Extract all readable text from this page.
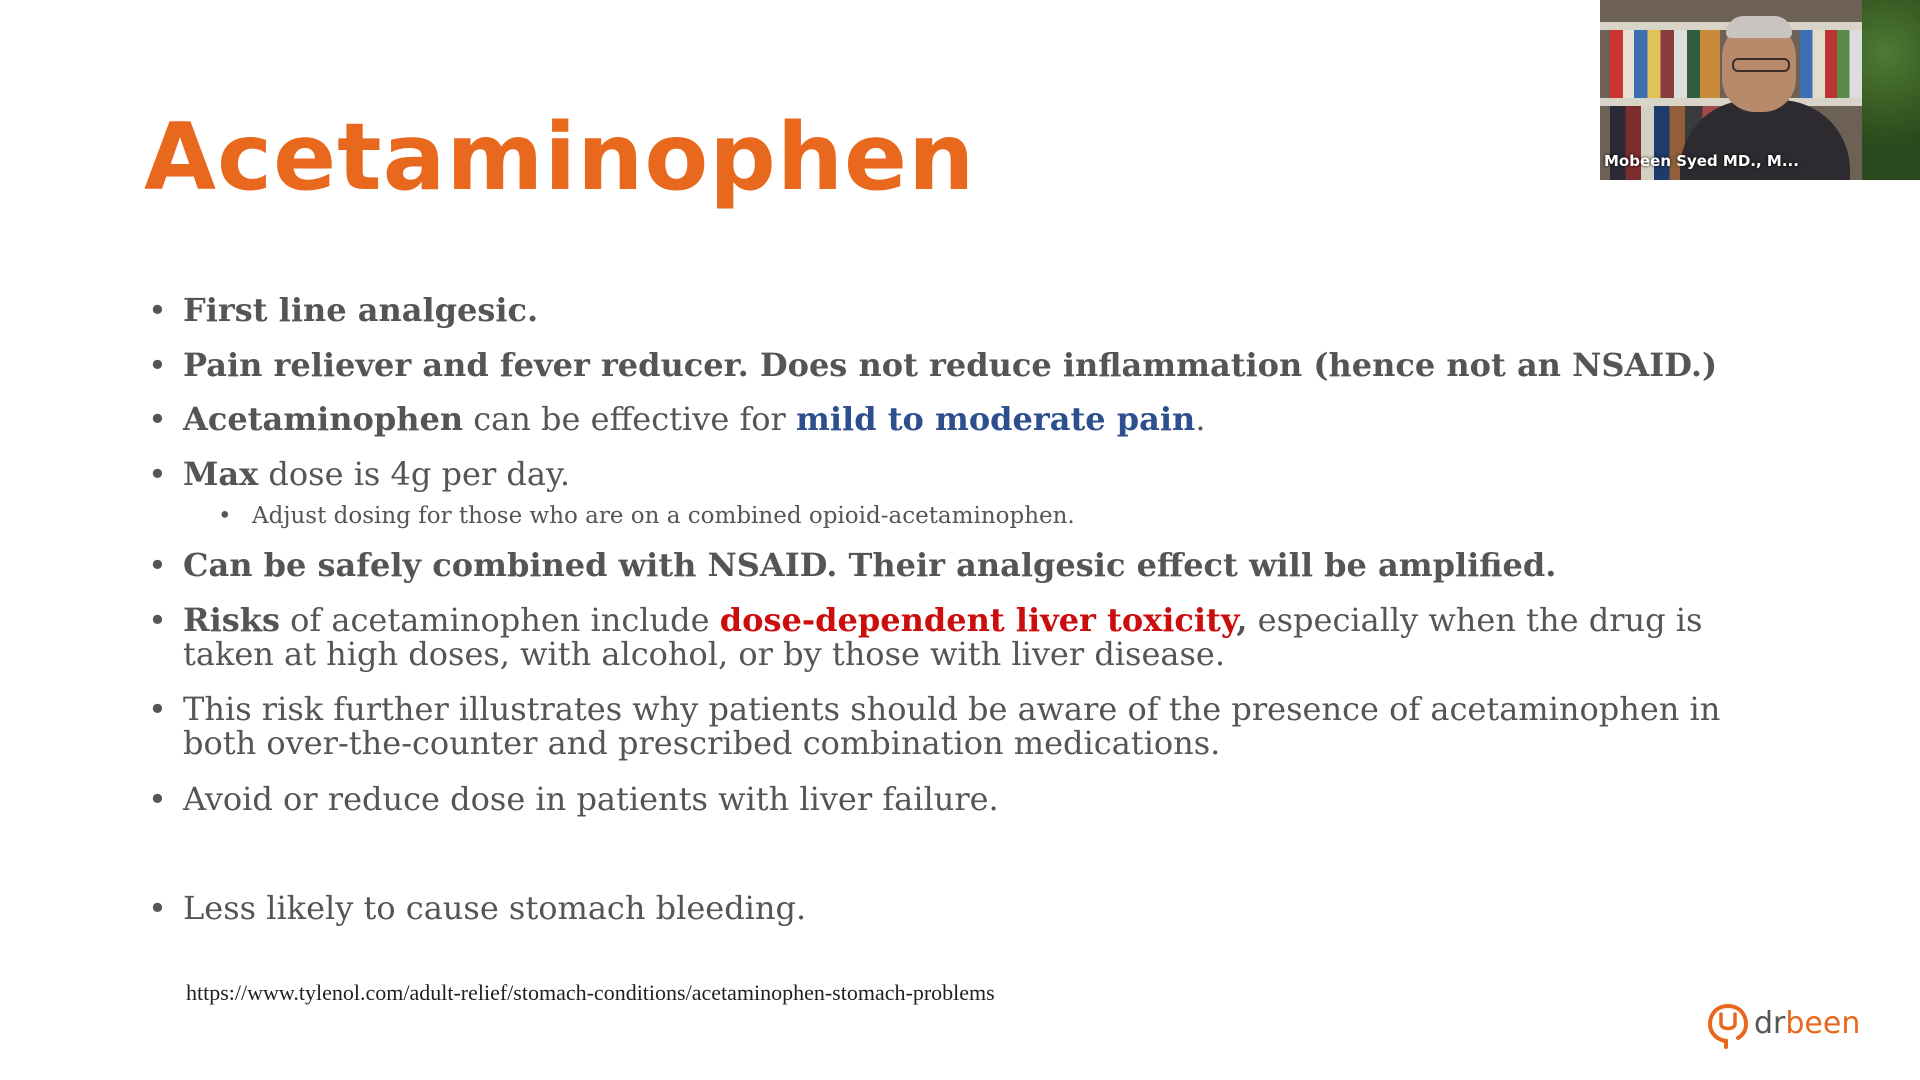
Acetaminophen
• First line analgesic.
• Pain reliever and fever reducer. Does not reduce inflammation (hence not an NSAID.)
• Acetaminophen can be effective for mild to moderate pain.
• Max dose is 4g per day.
• Adjust dosing for those who are on a combined opioid-acetaminophen.
• Can be safely combined with NSAID. Their analgesic effect will be amplified.
• Risks of acetaminophen include dose-dependent liver toxicity, especially when the drug is taken at high doses, with alcohol, or by those with liver disease.
• This risk further illustrates why patients should be aware of the presence of acetaminophen in both over-the-counter and prescribed combination medications.
• Avoid or reduce dose in patients with liver failure.
• Less likely to cause stomach bleeding.
https://www.tylenol.com/adult-relief/stomach-conditions/acetaminophen-stomach-problems
drbeen
Mobeen Syed MD., M...
